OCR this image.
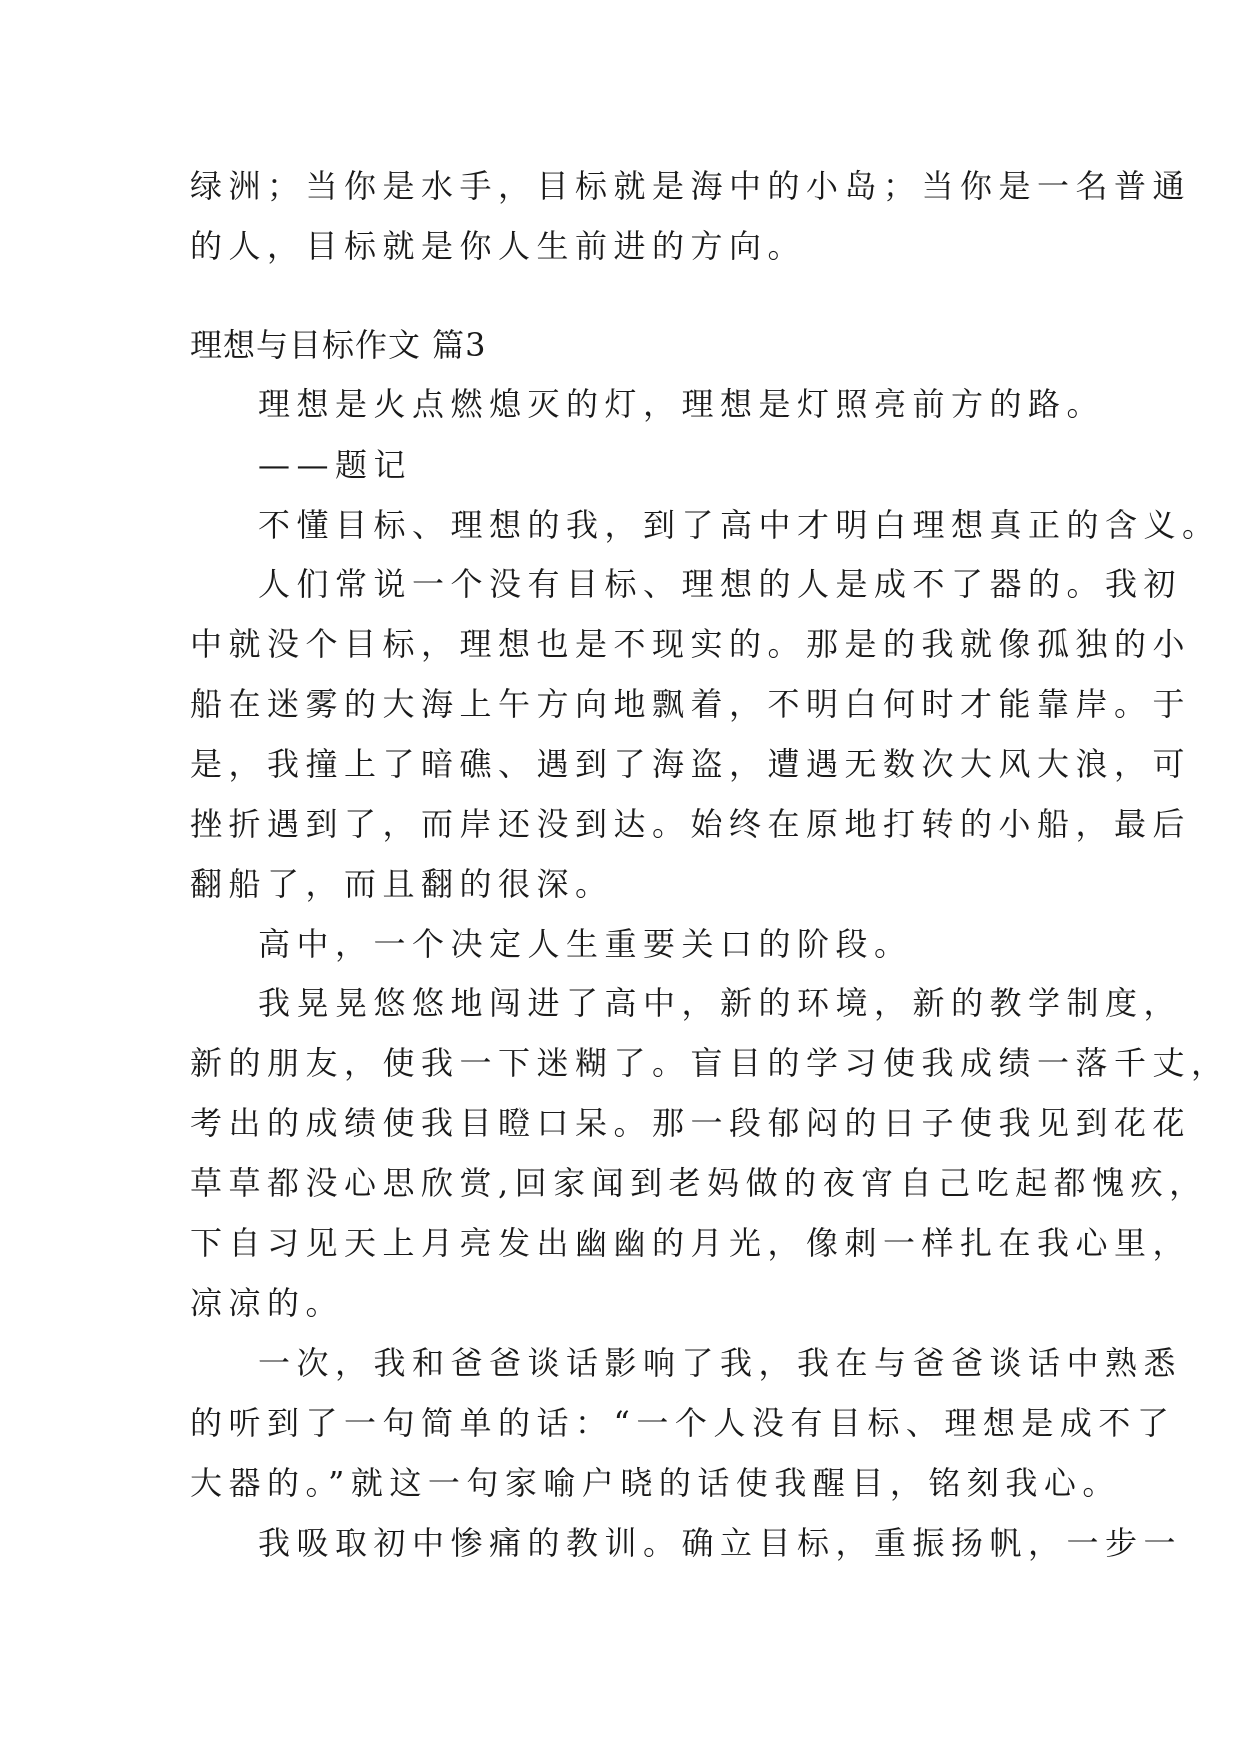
绿洲；当你是水手，目标就是海中的小岛；当你是一名普通
的人，目标就是你人生前进的方向。
理想与目标作文 篇3
理想是火点燃熄灭的灯，理想是灯照亮前方的路。
——题记
不懂目标、理想的我，到了高中才明白理想真正的含义。
人们常说一个没有目标、理想的人是成不了器的。我初
中就没个目标，理想也是不现实的。那是的我就像孤独的小
船在迷雾的大海上午方向地飘着，不明白何时才能靠岸。于
是，我撞上了暗礁、遇到了海盗，遭遇无数次大风大浪，可
挫折遇到了，而岸还没到达。始终在原地打转的小船，最后
翻船了，而且翻的很深。
高中，一个决定人生重要关口的阶段。
我晃晃悠悠地闯进了高中，新的环境，新的教学制度，
新的朋友，使我一下迷糊了。盲目的学习使我成绩一落千丈，
考出的成绩使我目瞪口呆。那一段郁闷的日子使我见到花花
草草都没心思欣赏,回家闻到老妈做的夜宵自己吃起都愧疚，
下自习见天上月亮发出幽幽的月光，像刺一样扎在我心里，
凉凉的。
一次，我和爸爸谈话影响了我，我在与爸爸谈话中熟悉
的听到了一句简单的话：“一个人没有目标、理想是成不了
大器的。”就这一句家喻户晓的话使我醒目，铭刻我心。
我吸取初中惨痛的教训。确立目标，重振扬帆，一步一
